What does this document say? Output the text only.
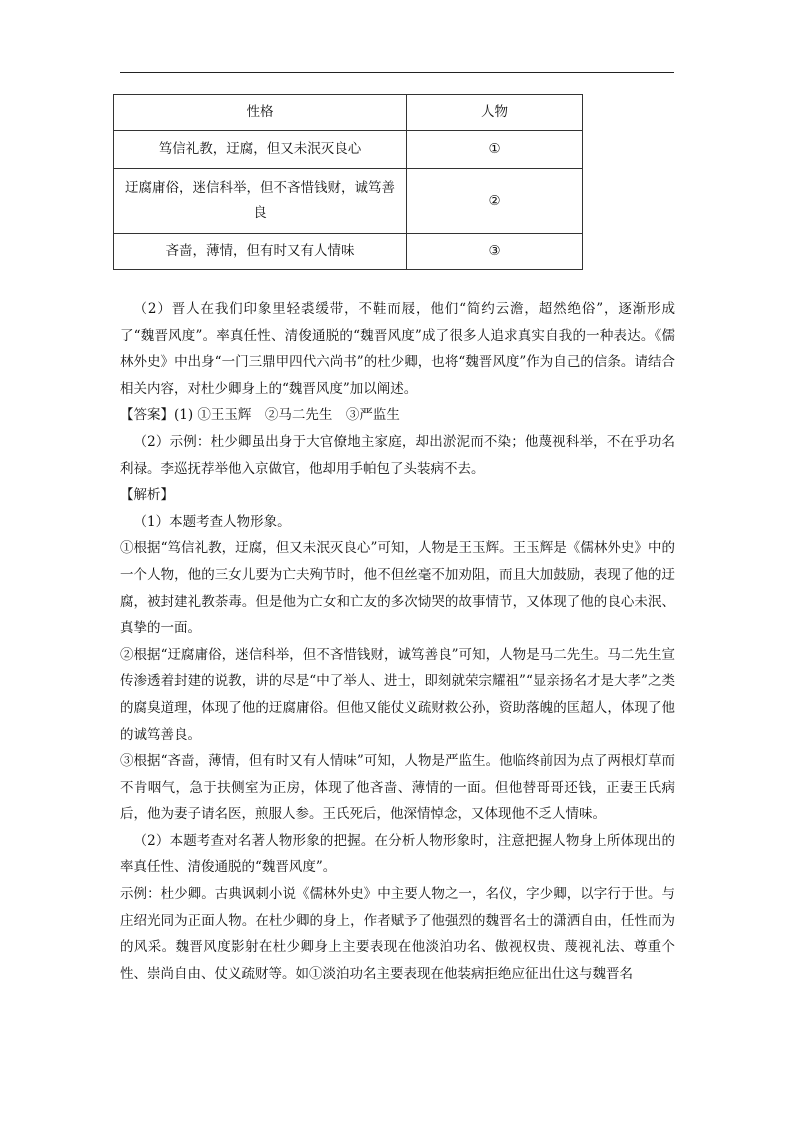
性格	人物
笃信礼教，迂腐，但又未泯灭良心	①
迂腐庸俗，迷信科举，但不吝惜钱财，诚笃善良	②
吝啬，薄情，但有时又有人情味	③

（2）晋人在我们印象里轻裘缓带，不鞋而屐，他们“简约云澹，超然绝俗”，逐渐形成了“魏晋风度”。率真任性、清俊通脱的“魏晋风度”成了很多人追求真实自我的一种表达。《儒林外史》中出身“一门三鼎甲四代六尚书”的杜少卿，也将“魏晋风度”作为自己的信条。请结合相关内容，对杜少卿身上的“魏晋风度”加以阐述。

【答案】(1) ①王玉辉　②马二先生　③严监生

（2）示例：杜少卿虽出身于大官僚地主家庭，却出淤泥而不染；他蔑视科举，不在乎功名利禄。李巡抚荐举他入京做官，他却用手帕包了头装病不去。

【解析】

（1）本题考查人物形象。

①根据“笃信礼教，迂腐，但又未泯灭良心”可知，人物是王玉辉。王玉辉是《儒林外史》中的一个人物，他的三女儿要为亡夫殉节时，他不但丝毫不加劝阻，而且大加鼓励，表现了他的迂腐，被封建礼教荼毒。但是他为亡女和亡友的多次恸哭的故事情节，又体现了他的良心未泯、真挚的一面。

②根据“迂腐庸俗，迷信科举，但不吝惜钱财，诚笃善良”可知，人物是马二先生。马二先生宣传渗透着封建的说教，讲的尽是“中了举人、进士，即刻就荣宗耀祖”“显亲扬名才是大孝”之类的腐臭道理，体现了他的迂腐庸俗。但他又能仗义疏财救公孙，资助落魄的匡超人，体现了他的诚笃善良。

③根据“吝啬，薄情，但有时又有人情味”可知，人物是严监生。他临终前因为点了两根灯草而不肯咽气，急于扶侧室为正房，体现了他吝啬、薄情的一面。但他替哥哥还钱，正妻王氏病后，他为妻子请名医，煎服人参。王氏死后，他深情悼念，又体现他不乏人情味。

（2）本题考查对名著人物形象的把握。在分析人物形象时，注意把握人物身上所体现出的率真任性、清俊通脱的“魏晋风度”。

示例：杜少卿。古典讽刺小说《儒林外史》中主要人物之一，名仪，字少卿，以字行于世。与庄绍光同为正面人物。在杜少卿的身上，作者赋予了他强烈的魏晋名士的潇洒自由，任性而为的风采。魏晋风度影射在杜少卿身上主要表现在他淡泊功名、傲视权贵、蔑视礼法、尊重个性、崇尚自由、仗义疏财等。如①淡泊功名主要表现在他装病拒绝应征出仕这与魏晋名
